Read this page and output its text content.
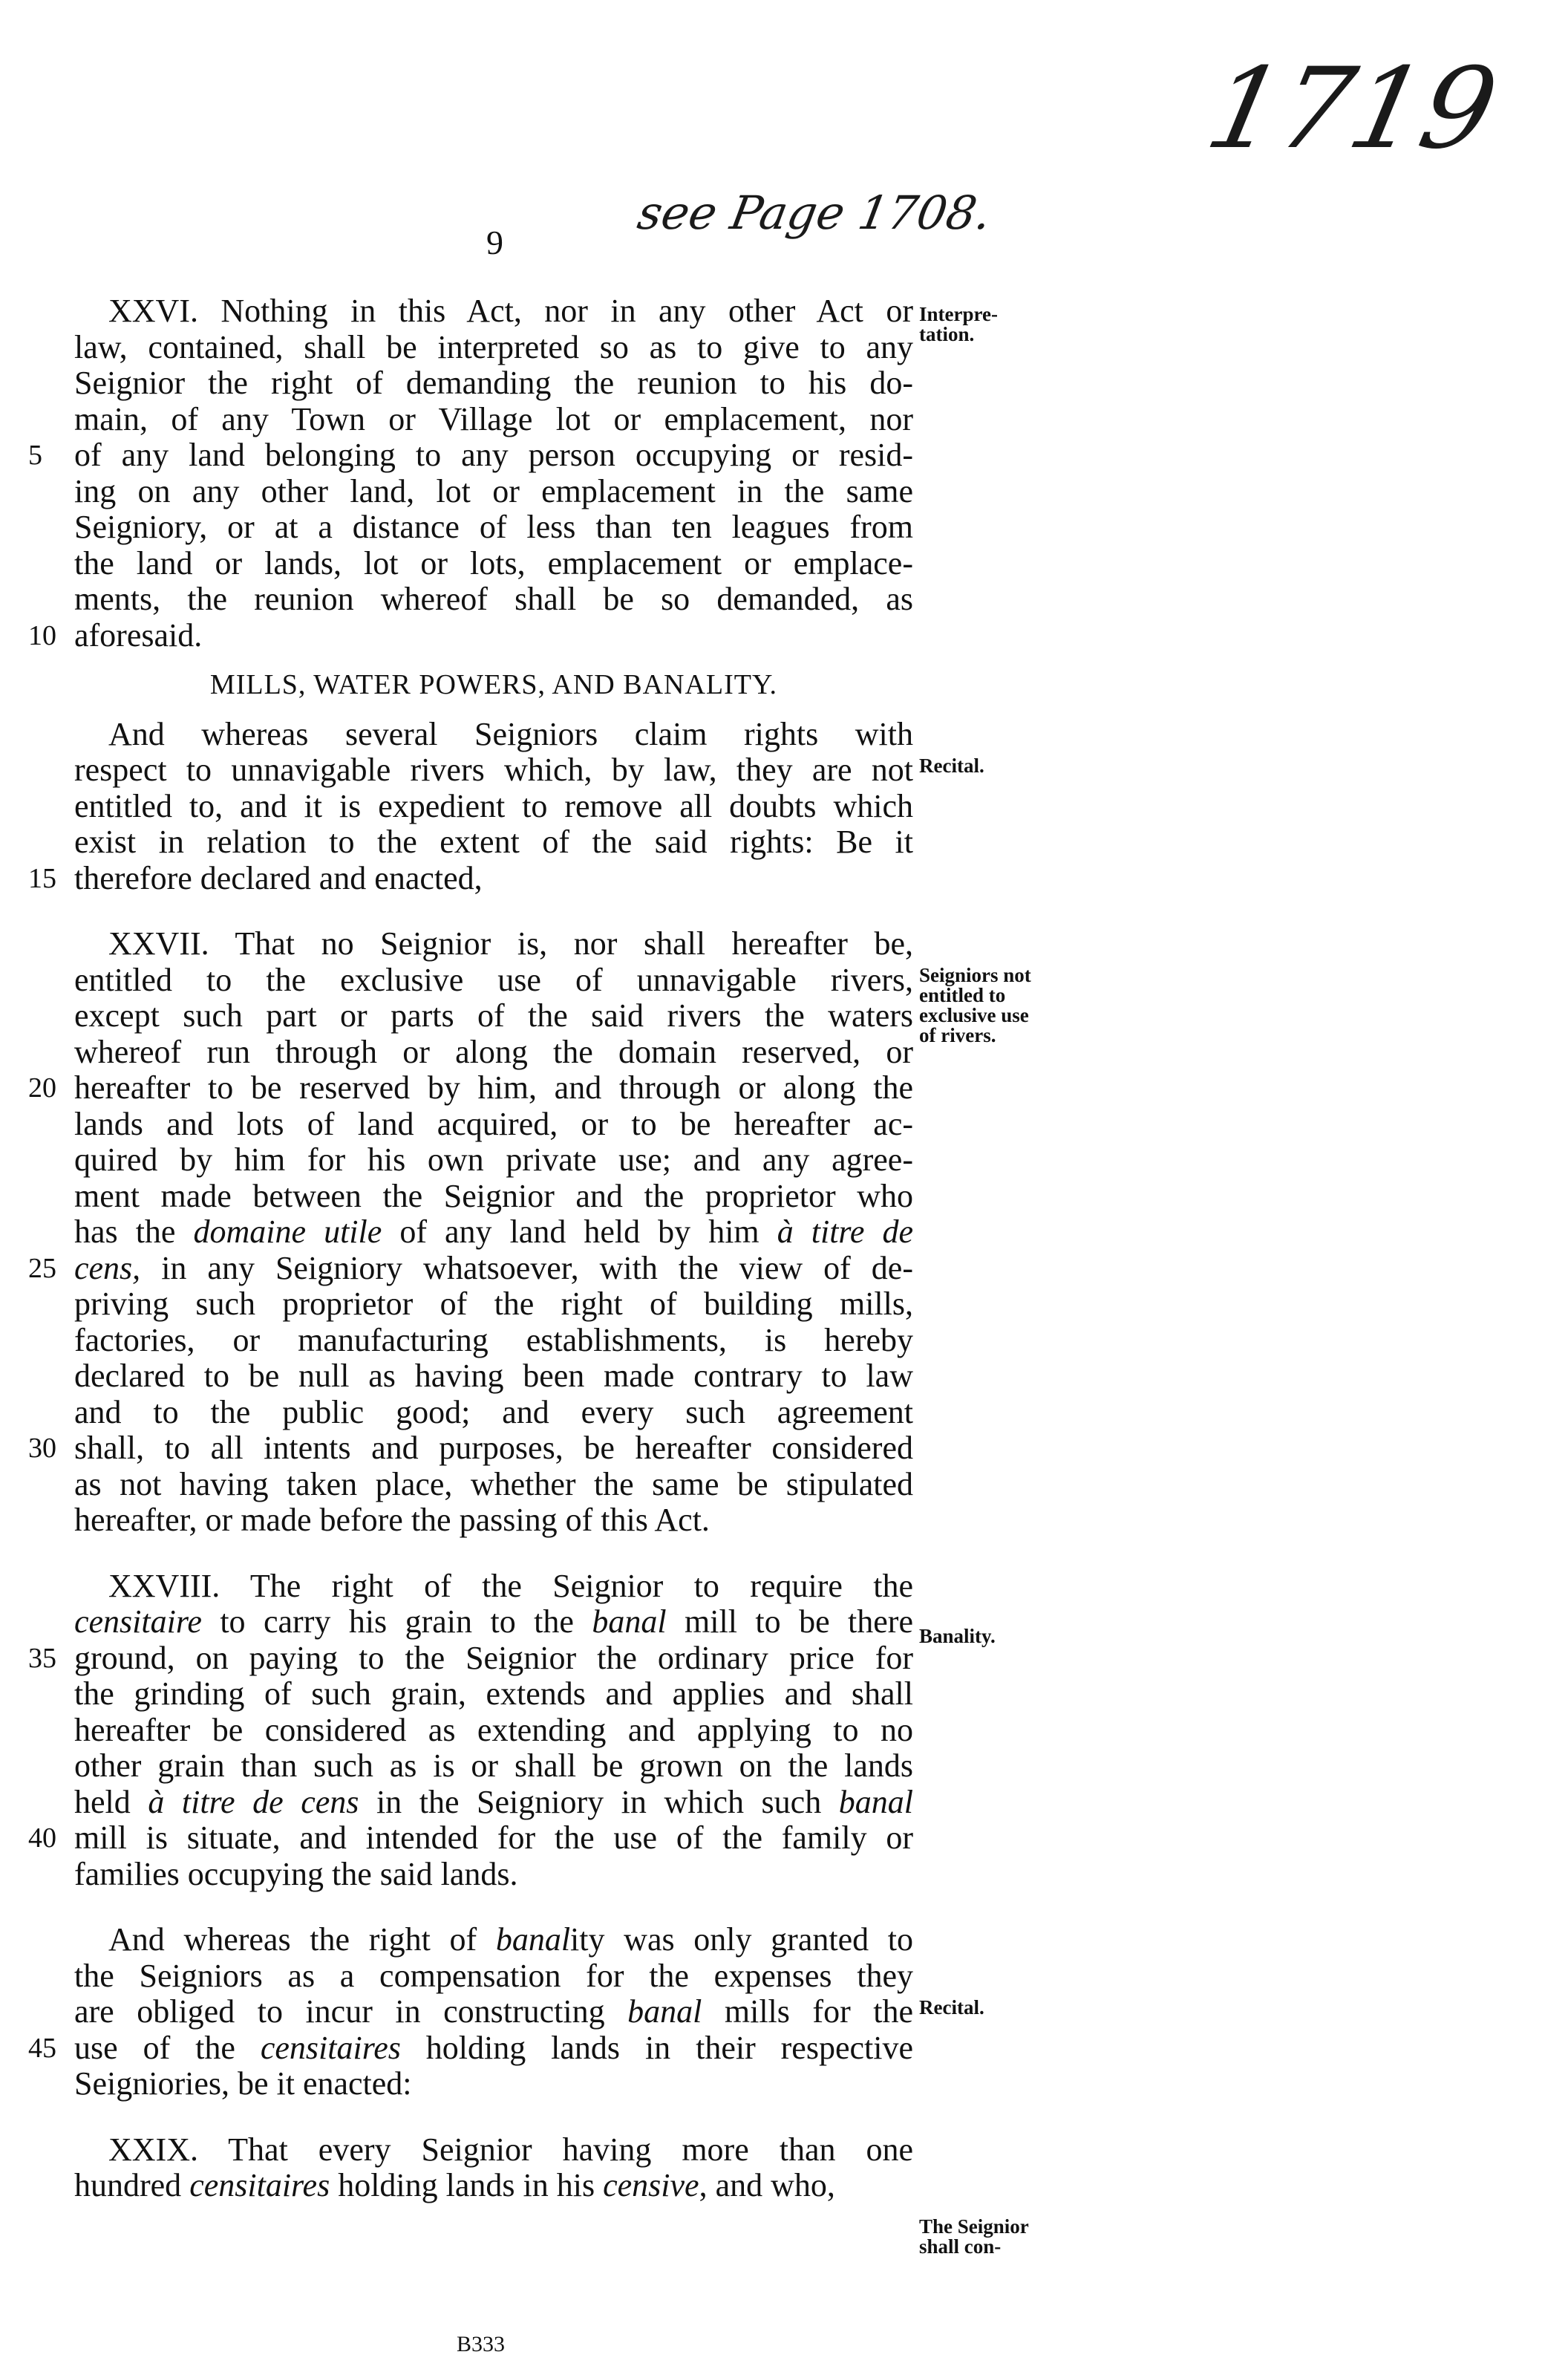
1719
see Page 1708.
9
XXVI. Nothing in this Act, nor in any other Act or
law, contained, shall be interpreted so as to give to any
Seignior the right of demanding the reunion to his do-
main, of any Town or Village lot or emplacement, nor
of any land belonging to any person occupying or resid-
5
ing on any other land, lot or emplacement in the same
Seigniory, or at a distance of less than ten leagues from
the land or lands, lot or lots, emplacement or emplace-
ments, the reunion whereof shall be so demanded, as
aforesaid.
10
MILLS, WATER POWERS, AND BANALITY.
And whereas several Seigniors claim rights with
respect to unnavigable rivers which, by law, they are not
entitled to, and it is expedient to remove all doubts which
exist in relation to the extent of the said rights: Be it
therefore declared and enacted,
15
XXVII. That no Seignior is, nor shall hereafter be,
entitled to the exclusive use of unnavigable rivers,
except such part or parts of the said rivers the waters
whereof run through or along the domain reserved, or
hereafter to be reserved by him, and through or along the
20
lands and lots of land acquired, or to be hereafter ac-
quired by him for his own private use; and any agree-
ment made between the Seignior and the proprietor who
has the domaine utile of any land held by him à titre de
cens, in any Seigniory whatsoever, with the view of de-
25
priving such proprietor of the right of building mills,
factories, or manufacturing establishments, is hereby
declared to be null as having been made contrary to law
and to the public good; and every such agreement
shall, to all intents and purposes, be hereafter considered
30
as not having taken place, whether the same be stipulated
hereafter, or made before the passing of this Act.
XXVIII. The right of the Seignior to require the
censitaire to carry his grain to the banal mill to be there
ground, on paying to the Seignior the ordinary price for
35
the grinding of such grain, extends and applies and shall
hereafter be considered as extending and applying to no
other grain than such as is or shall be grown on the lands
held à titre de cens in the Seigniory in which such banal
mill is situate, and intended for the use of the family or
40
families occupying the said lands.
And whereas the right of banality was only granted to
the Seigniors as a compensation for the expenses they
are obliged to incur in constructing banal mills for the
use of the censitaires holding lands in their respective
45
Seigniories, be it enacted:
XXIX. That every Seignior having more than one
hundred censitaires holding lands in his censive, and who,
Interpre-
tation.
Recital.
Seigniors not
entitled to
exclusive use
of rivers.
Banality.
Recital.
The Seignior
shall con-
B333
